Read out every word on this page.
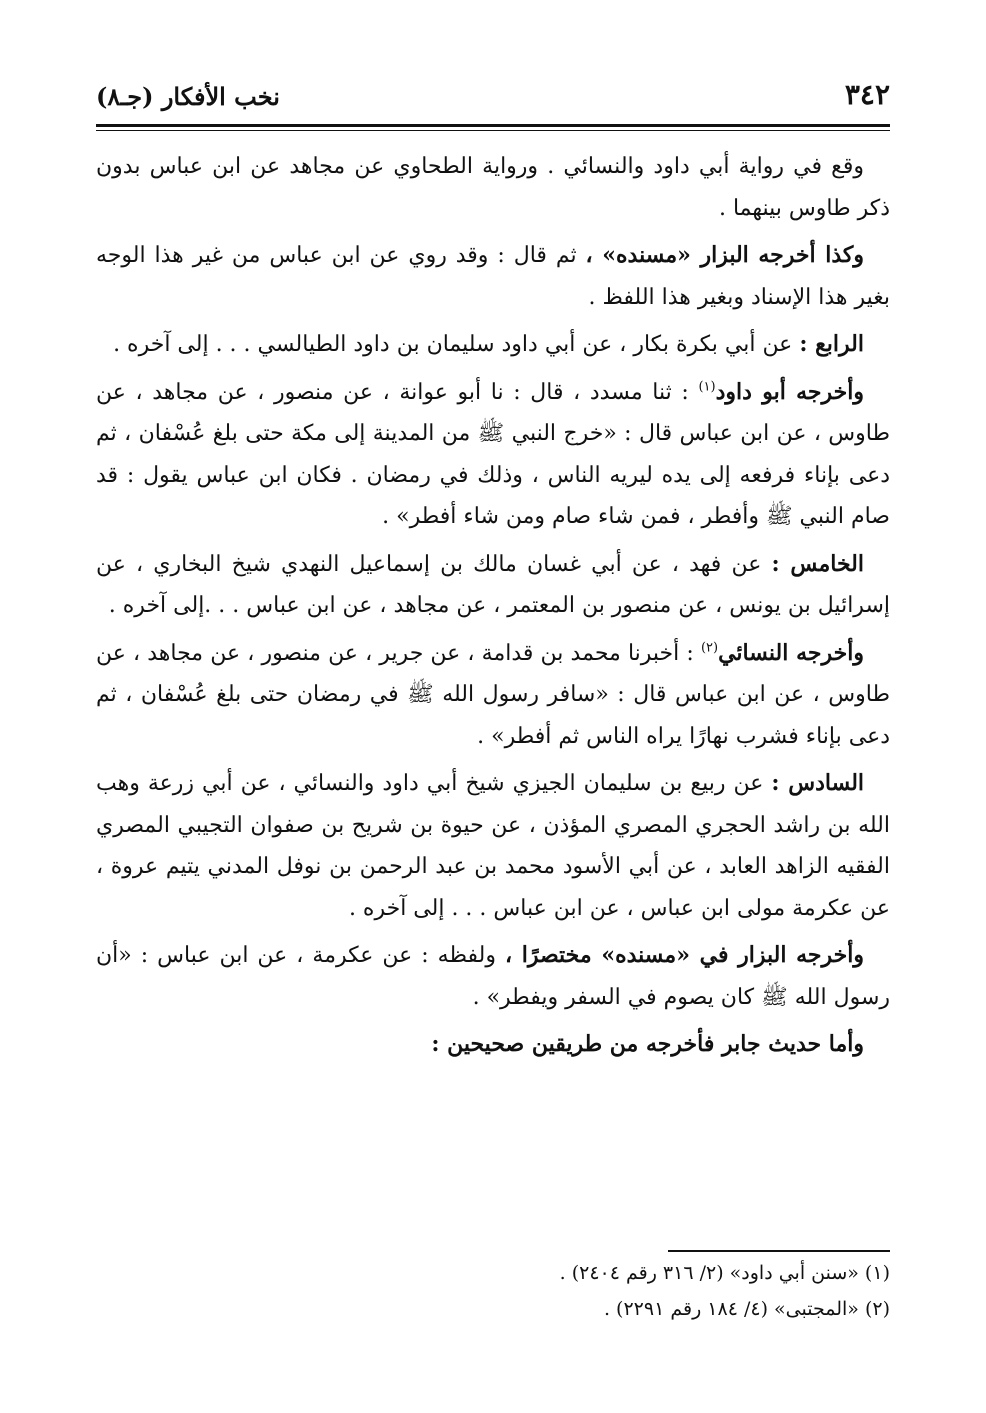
٣٤٢
نخب الأفكار (جـ٨)

وقع في رواية أبي داود والنسائي . ورواية الطحاوي عن مجاهد عن ابن عباس بدون ذكر طاوس بينهما .

وكذا أخرجه البزار «مسنده» ، ثم قال : وقد روي عن ابن عباس من غير هذا الوجه بغير هذا الإسناد وبغير هذا اللفظ .

الرابع : عن أبي بكرة بكار ، عن أبي داود سليمان بن داود الطيالسي . . . إلى آخره .

وأخرجه أبو داود$^{(١)}$ : ثنا مسدد ، قال : نا أبو عوانة ، عن منصور ، عن مجاهد ، عن طاوس ، عن ابن عباس قال : «خرج النبي ﷺ من المدينة إلى مكة حتى بلغ عُسْفان ، ثم دعى بإناء فرفعه إلى يده ليريه الناس ، وذلك في رمضان . فكان ابن عباس يقول : قد صام النبي ﷺ وأفطر ، فمن شاء صام ومن شاء أفطر» .

الخامس : عن فهد ، عن أبي غسان مالك بن إسماعيل النهدي شيخ البخاري ، عن إسرائيل بن يونس ، عن منصور بن المعتمر ، عن مجاهد ، عن ابن عباس . . .إلى آخره .

وأخرجه النسائي$^{(٢)}$ : أخبرنا محمد بن قدامة ، عن جرير ، عن منصور ، عن مجاهد ، عن طاوس ، عن ابن عباس قال : «سافر رسول الله ﷺ في رمضان حتى بلغ عُسْفان ، ثم دعى بإناء فشرب نهارًا يراه الناس ثم أفطر» .

السادس : عن ربيع بن سليمان الجيزي شيخ أبي داود والنسائي ، عن أبي زرعة وهب الله بن راشد الحجري المصري المؤذن ، عن حيوة بن شريح بن صفوان التجيبي المصري الفقيه الزاهد العابد ، عن أبي الأسود محمد بن عبد الرحمن بن نوفل المدني يتيم عروة ، عن عكرمة مولى ابن عباس ، عن ابن عباس . . . إلى آخره .

وأخرجه البزار في «مسنده» مختصرًا ، ولفظه : عن عكرمة ، عن ابن عباس : «أن رسول الله ﷺ كان يصوم في السفر ويفطر» .

وأما حديث جابر فأخرجه من طريقين صحيحين :

(١) «سنن أبي داود» (٢/ ٣١٦ رقم ٢٤٠٤) .
(٢) «المجتبى» (٤/ ١٨٤ رقم ٢٢٩١) .
